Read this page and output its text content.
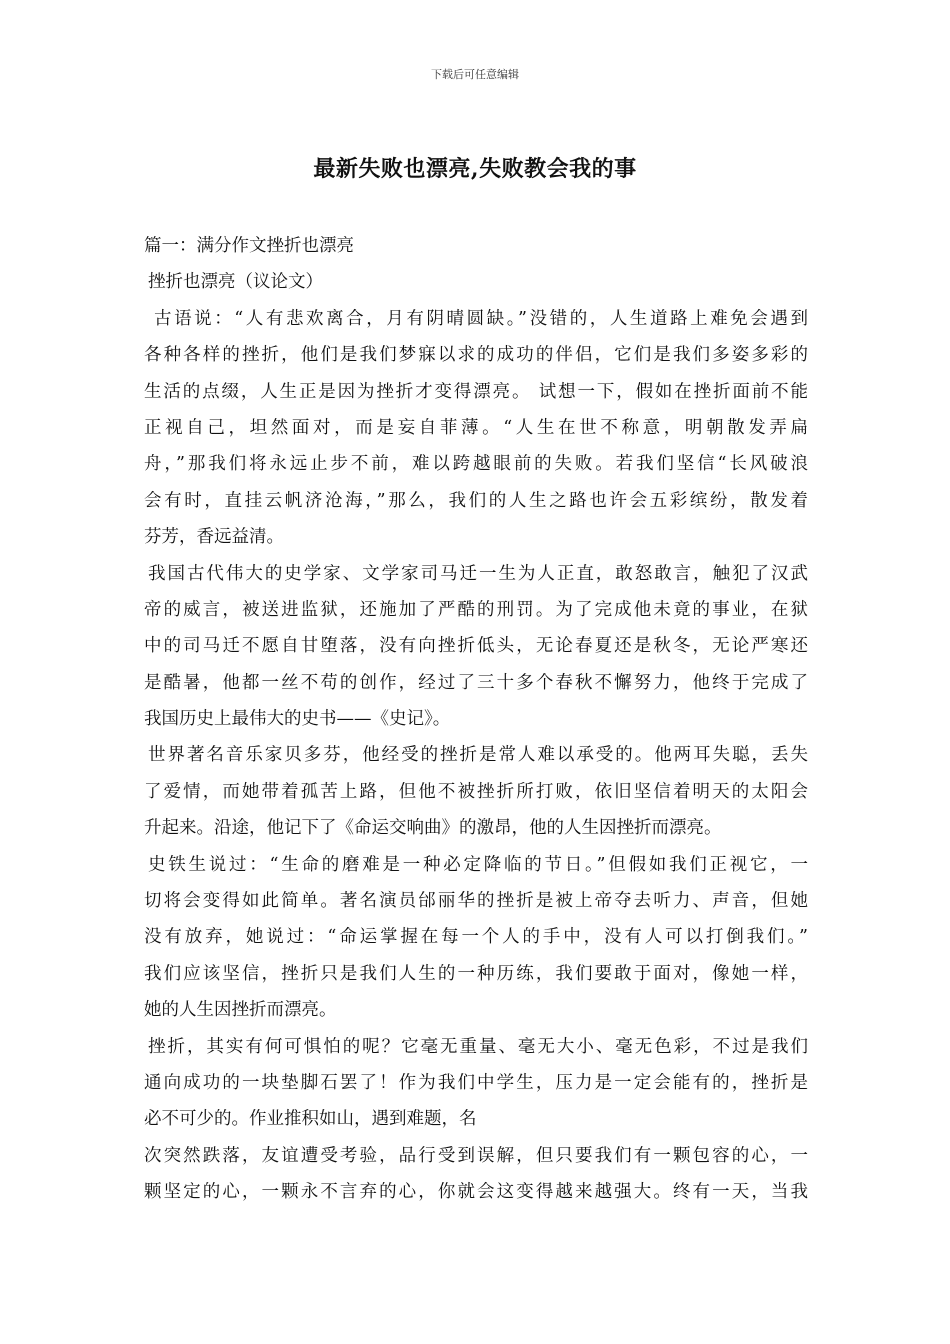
下载后可任意编辑
最新失败也漂亮,失败教会我的事
篇一：满分作文挫折也漂亮
挫折也漂亮（议论文）
古语说：“人有悲欢离合，月有阴晴圆缺。”没错的，人生道路上难免会遇到
各种各样的挫折，他们是我们梦寐以求的成功的伴侣，它们是我们多姿多彩的
生活的点缀，人生正是因为挫折才变得漂亮。 试想一下，假如在挫折面前不能
正视自己，坦然面对，而是妄自菲薄。“人生在世不称意，明朝散发弄扁
舟，”那我们将永远止步不前，难以跨越眼前的失败。若我们坚信“长风破浪
会有时，直挂云帆济沧海，”那么，我们的人生之路也许会五彩缤纷，散发着
芬芳，香远益清。
我国古代伟大的史学家、文学家司马迁一生为人正直，敢怒敢言，触犯了汉武
帝的威言，被送进监狱，还施加了严酷的刑罚。为了完成他未竟的事业，在狱
中的司马迁不愿自甘堕落，没有向挫折低头，无论春夏还是秋冬，无论严寒还
是酷暑，他都一丝不苟的创作，经过了三十多个春秋不懈努力，他终于完成了
我国历史上最伟大的史书——《史记》。
世界著名音乐家贝多芬，他经受的挫折是常人难以承受的。他两耳失聪，丢失
了爱情，而她带着孤苦上路，但他不被挫折所打败，依旧坚信着明天的太阳会
升起来。沿途，他记下了《命运交响曲》的激昂，他的人生因挫折而漂亮。
史铁生说过：“生命的磨难是一种必定降临的节日。”但假如我们正视它，一
切将会变得如此简单。著名演员邰丽华的挫折是被上帝夺去听力、声音，但她
没有放弃，她说过：“命运掌握在每一个人的手中，没有人可以打倒我们。”
我们应该坚信，挫折只是我们人生的一种历练，我们要敢于面对，像她一样，
她的人生因挫折而漂亮。
挫折，其实有何可惧怕的呢？它毫无重量、毫无大小、毫无色彩，不过是我们
通向成功的一块垫脚石罢了！作为我们中学生，压力是一定会能有的，挫折是
必不可少的。作业推积如山，遇到难题，名
次突然跌落，友谊遭受考验，品行受到误解，但只要我们有一颗包容的心，一
颗坚定的心，一颗永不言弃的心，你就会这变得越来越强大。终有一天，当我
